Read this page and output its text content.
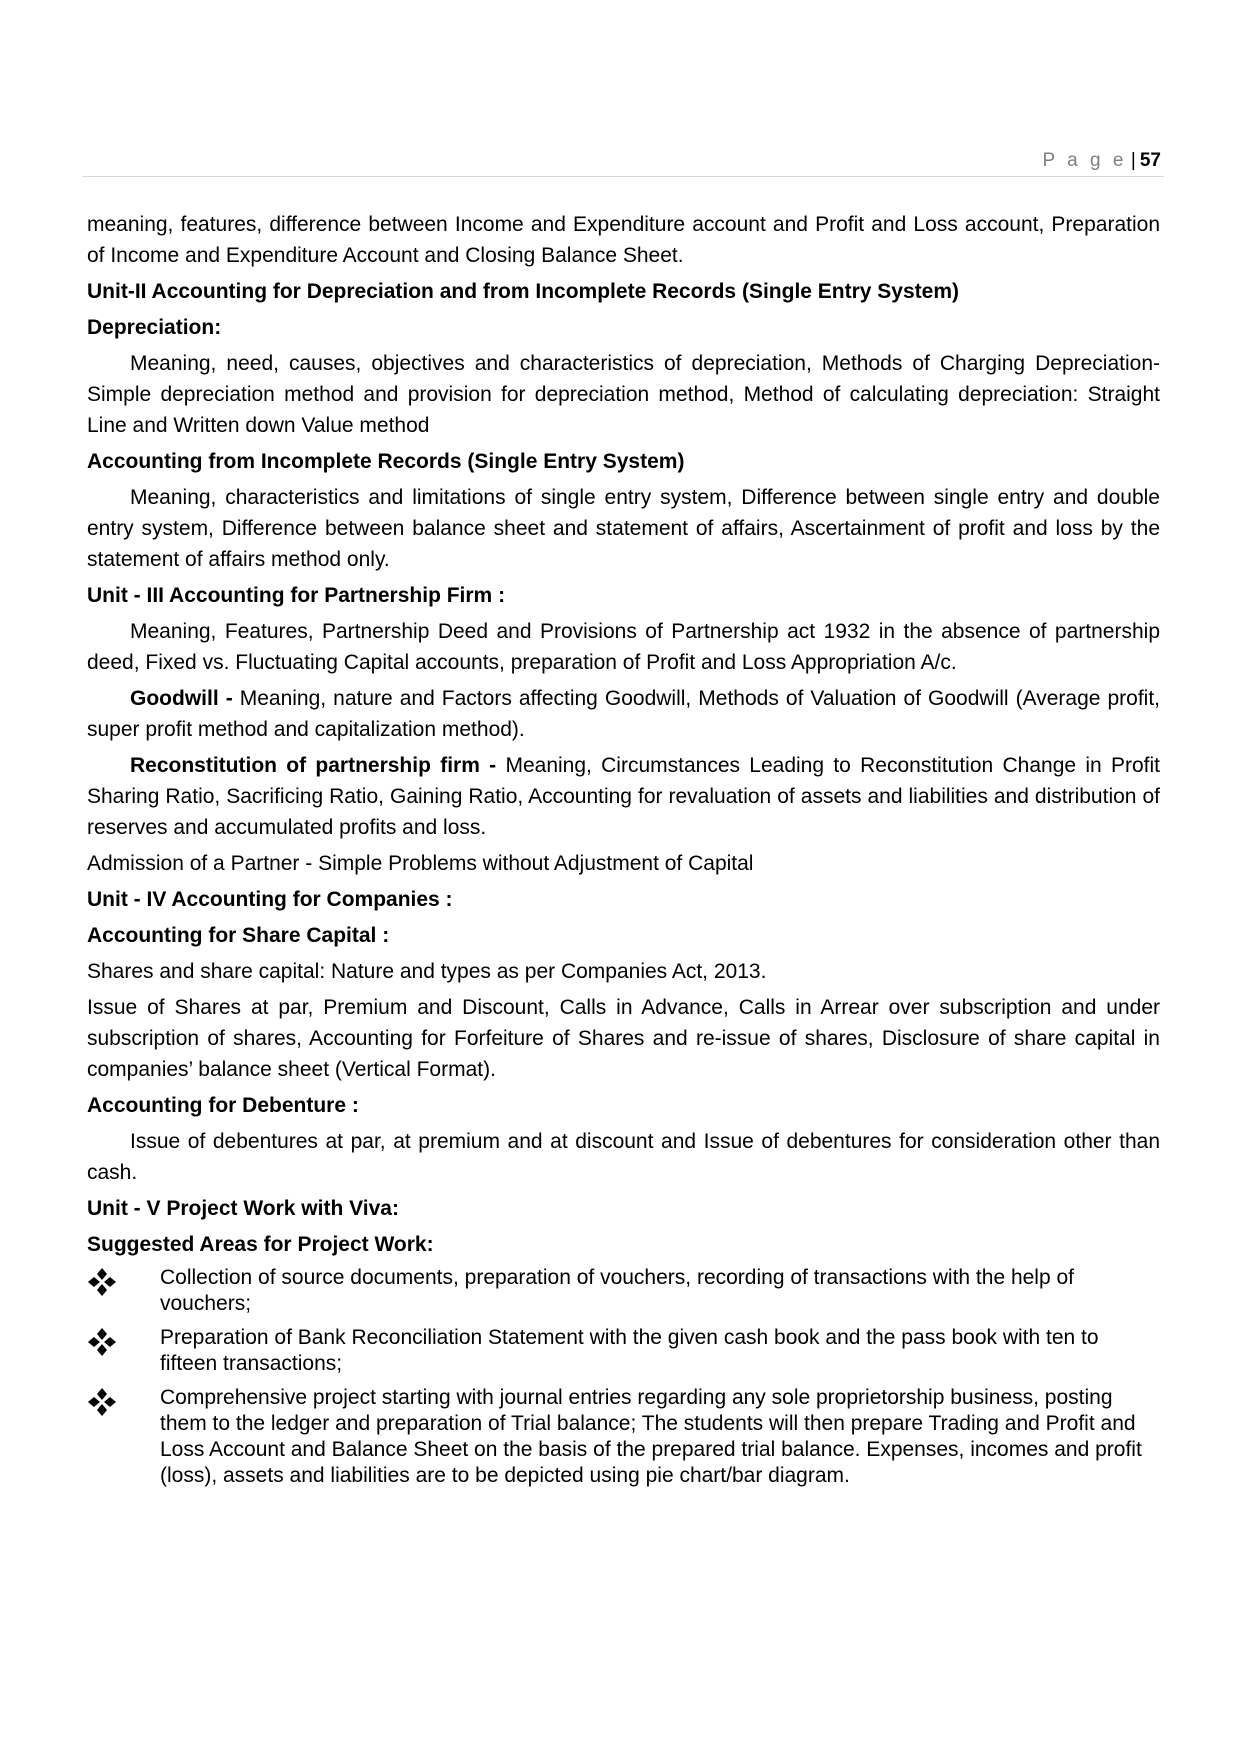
P a g e | 57

meaning, features, difference between Income and Expenditure account and Profit and Loss account, Preparation of Income and Expenditure Account and Closing Balance Sheet.

Unit-II Accounting for Depreciation and from Incomplete Records (Single Entry System)

Depreciation:

Meaning, need, causes, objectives and characteristics of depreciation, Methods of Charging Depreciation- Simple depreciation method and provision for depreciation method, Method of calculating depreciation: Straight Line and Written down Value method

Accounting from Incomplete Records (Single Entry System)

Meaning, characteristics and limitations of single entry system, Difference between single entry and double entry system, Difference between balance sheet and statement of affairs, Ascertainment of profit and loss by the statement of affairs method only.

Unit - III Accounting for Partnership Firm :

Meaning, Features, Partnership Deed and Provisions of Partnership act 1932 in the absence of partnership deed, Fixed vs. Fluctuating Capital accounts, preparation of Profit and Loss Appropriation A/c.

Goodwill - Meaning, nature and Factors affecting Goodwill, Methods of Valuation of Goodwill (Average profit, super profit method and capitalization method).

Reconstitution of partnership firm - Meaning, Circumstances Leading to Reconstitution Change in Profit Sharing Ratio, Sacrificing Ratio, Gaining Ratio, Accounting for revaluation of assets and liabilities and distribution of reserves and accumulated profits and loss.

Admission of a Partner - Simple Problems without Adjustment of Capital

Unit - IV Accounting for Companies :

Accounting for Share Capital :

Shares and share capital: Nature and types as per Companies Act, 2013.

Issue of Shares at par, Premium and Discount, Calls in Advance, Calls in Arrear over subscription and under subscription of shares, Accounting for Forfeiture of Shares and re-issue of shares, Disclosure of share capital in companies’ balance sheet (Vertical Format).

Accounting for Debenture :

Issue of debentures at par, at premium and at discount and Issue of debentures for consideration other than cash.

Unit - V Project Work with Viva:

Suggested Areas for Project Work:

Collection of source documents, preparation of vouchers, recording of transactions with the help of vouchers;
Preparation of Bank Reconciliation Statement with the given cash book and the pass book with ten to fifteen transactions;
Comprehensive project starting with journal entries regarding any sole proprietorship business, posting them to the ledger and preparation of Trial balance; The students will then prepare Trading and Profit and Loss Account and Balance Sheet on the basis of the prepared trial balance. Expenses, incomes and profit (loss), assets and liabilities are to be depicted using pie chart/bar diagram.
